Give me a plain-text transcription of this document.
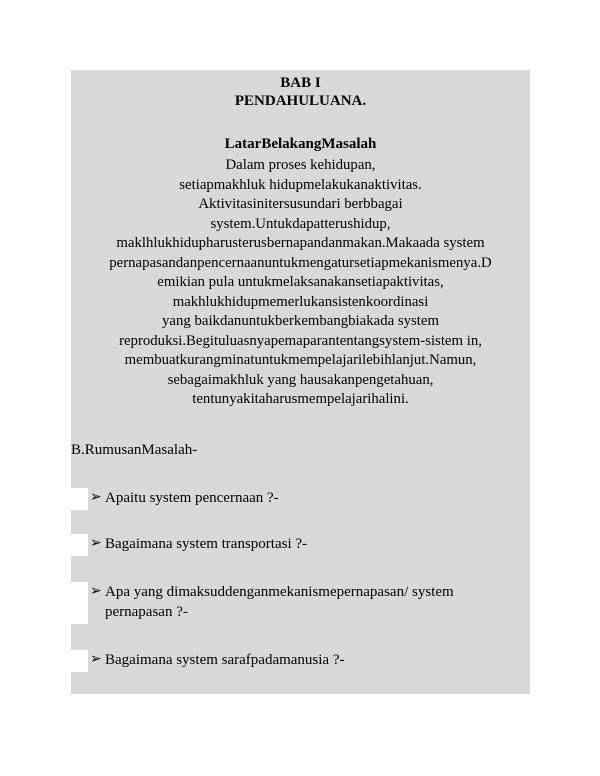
BAB I
PENDAHULUANA.
LatarBelakangMasalah
Dalam proses kehidupan,
setiapmakhluk hidupmelakukanaktivitas.
Aktivitasinitersusundari berbbagai
system.Untukdapatterushidup,
maklhlukhidupharusterusbernapandanmakan.Makaada system
pernapasandanpencernaanuntukmengatursetiapmekanismenya.D
emikian pula untukmelaksanakansetiapaktivitas,
makhlukhidupmemerlukansistenkoordinasi
yang baikdanuntukberkembangbiakada system
reproduksi.Begituluasnyapemaparantentangsystem-sistem in,
membuatkurangminatuntukmempelajarilebihlanjut.Namun,
sebagaimakhluk yang hausakanpengetahuan,
tentunyakitaharusmempelajarihalini.
B.RumusanMasalah-
➢ Apaitu system pencernaan ?-
➢ Bagaimana system transportasi ?-
➢ Apa yang dimaksuddenganmekanismepernapasan/ system pernapasan ?-
➢ Bagaimana system sarafpadamanusia ?-
